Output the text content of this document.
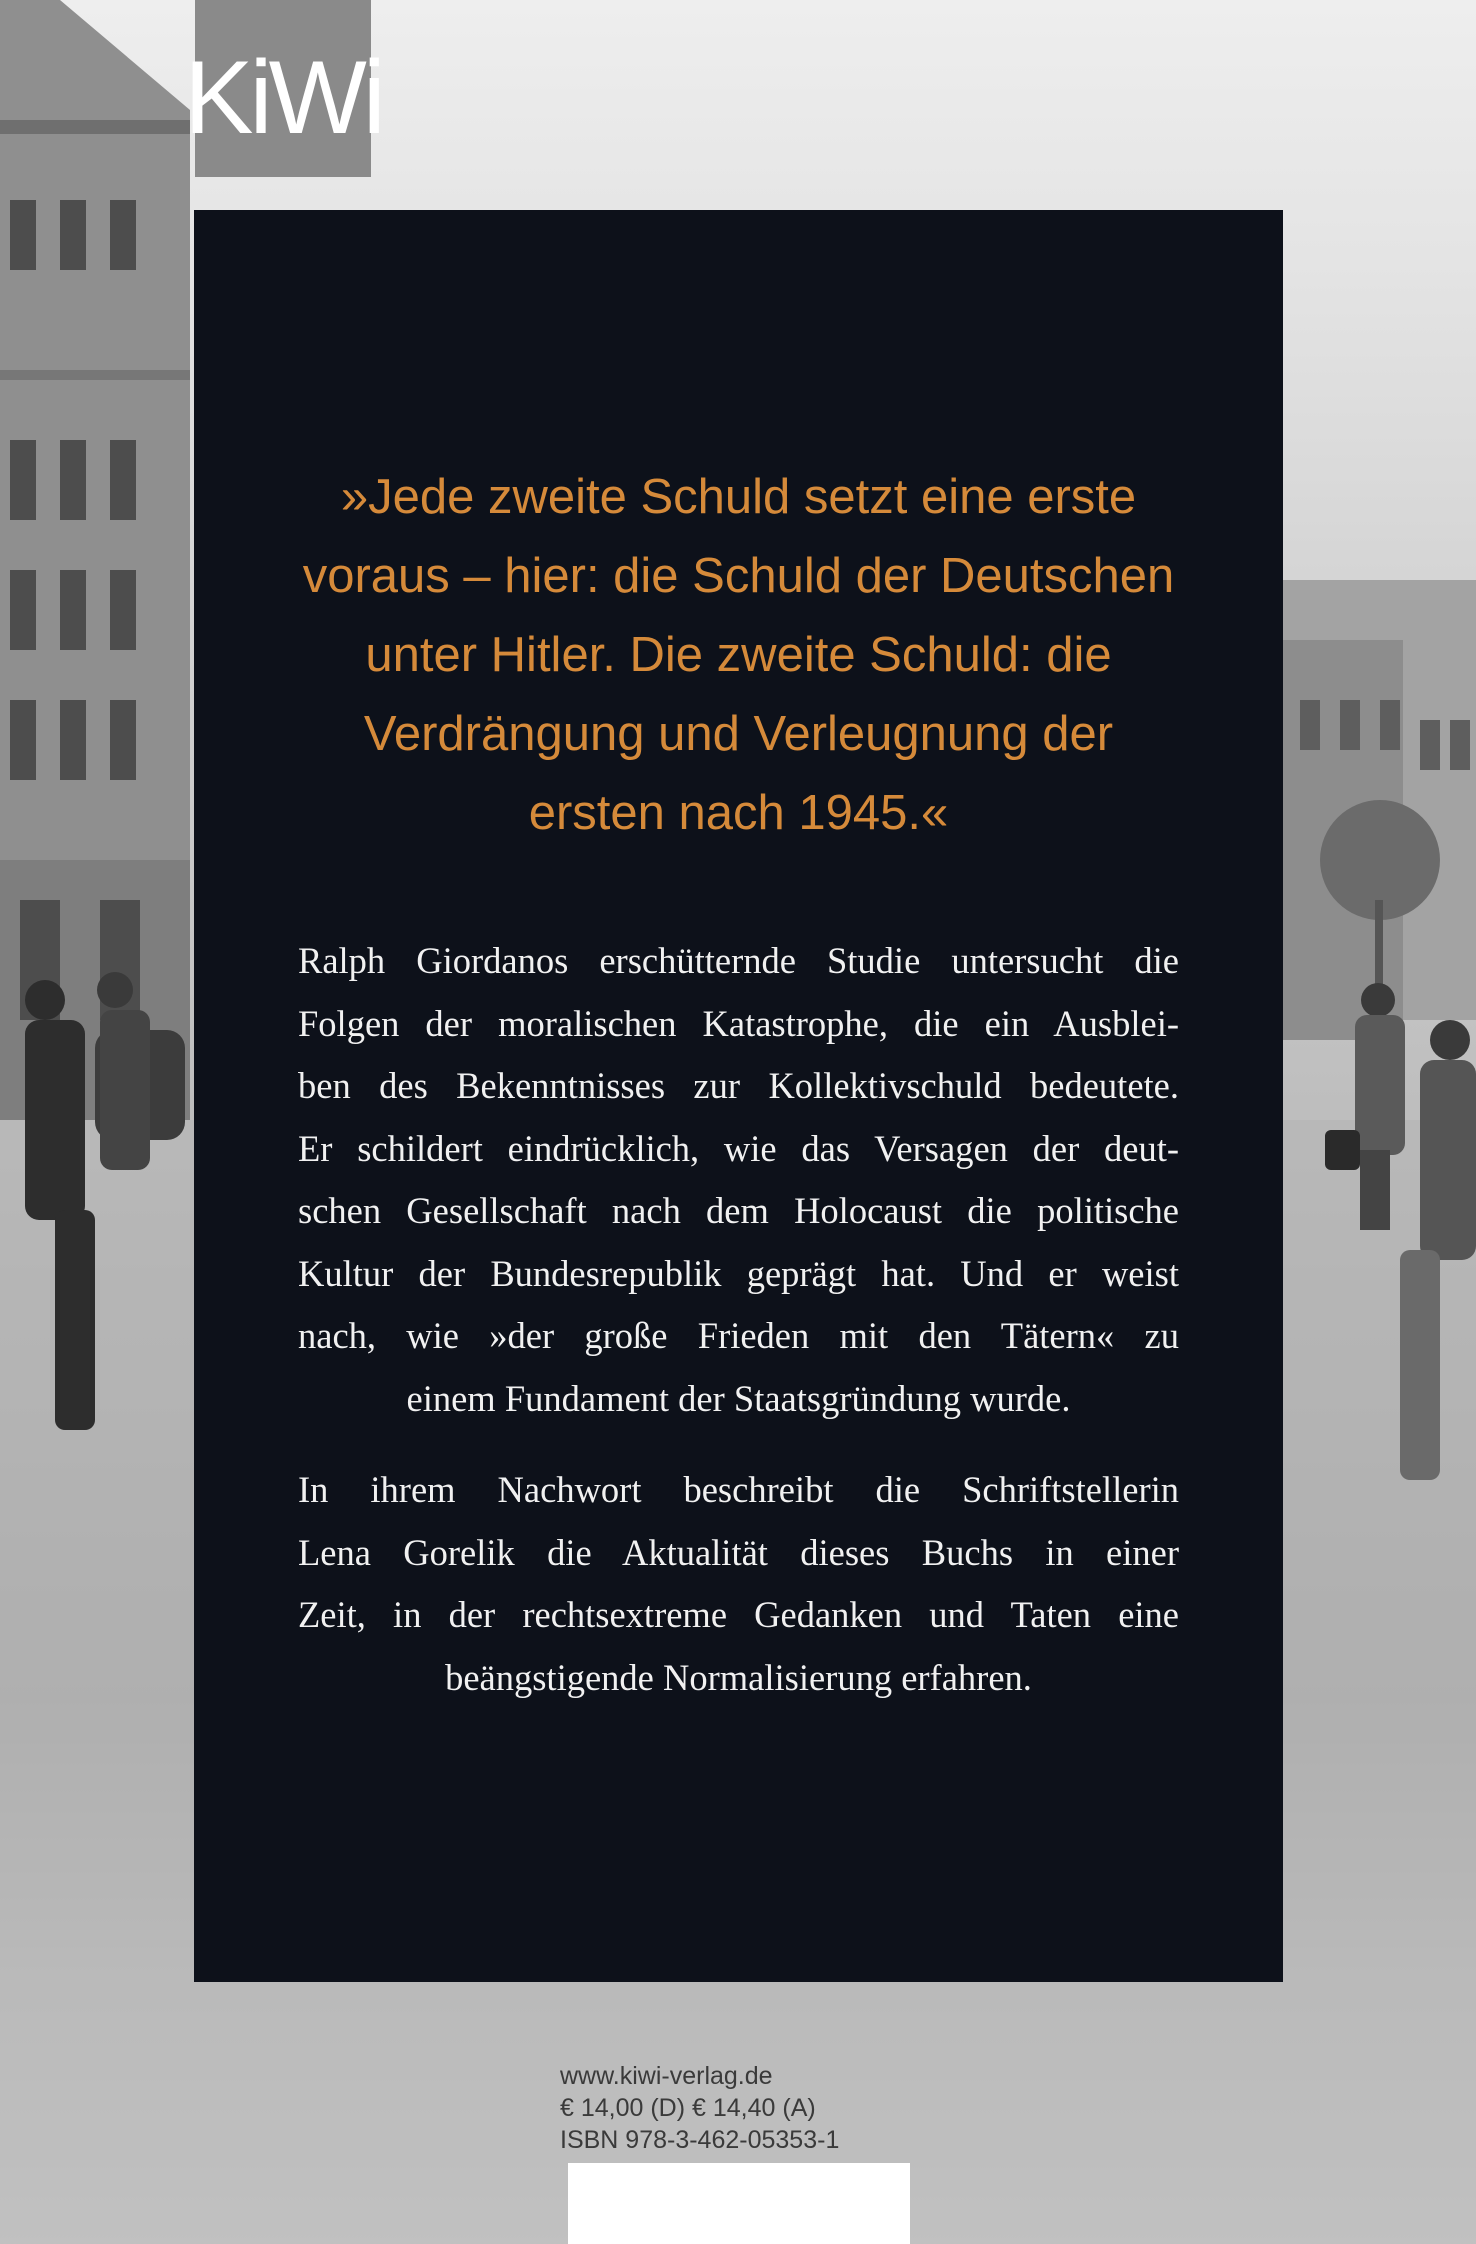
KiWi
»Jede zweite Schuld setzt eine erste
voraus – hier: die Schuld der Deutschen
unter Hitler. Die zweite Schuld: die
Verdrängung und Verleugnung der
ersten nach 1945.«
Ralph Giordanos erschütternde Studie untersucht die
Folgen der moralischen Katastrophe, die ein Ausblei-
ben des Bekenntnisses zur Kollektivschuld bedeutete.
Er schildert eindrücklich, wie das Versagen der deut-
schen Gesellschaft nach dem Holocaust die politische
Kultur der Bundesrepublik geprägt hat. Und er weist
nach, wie »der große Frieden mit den Tätern« zu
einem Fundament der Staatsgründung wurde.
In ihrem Nachwort beschreibt die Schriftstellerin
Lena Gorelik die Aktualität dieses Buchs in einer
Zeit, in der rechtsextreme Gedanken und Taten eine
beängstigende Normalisierung erfahren.
www.kiwi-verlag.de
€ 14,00 (D) € 14,40 (A)
ISBN 978-3-462-05353-1
